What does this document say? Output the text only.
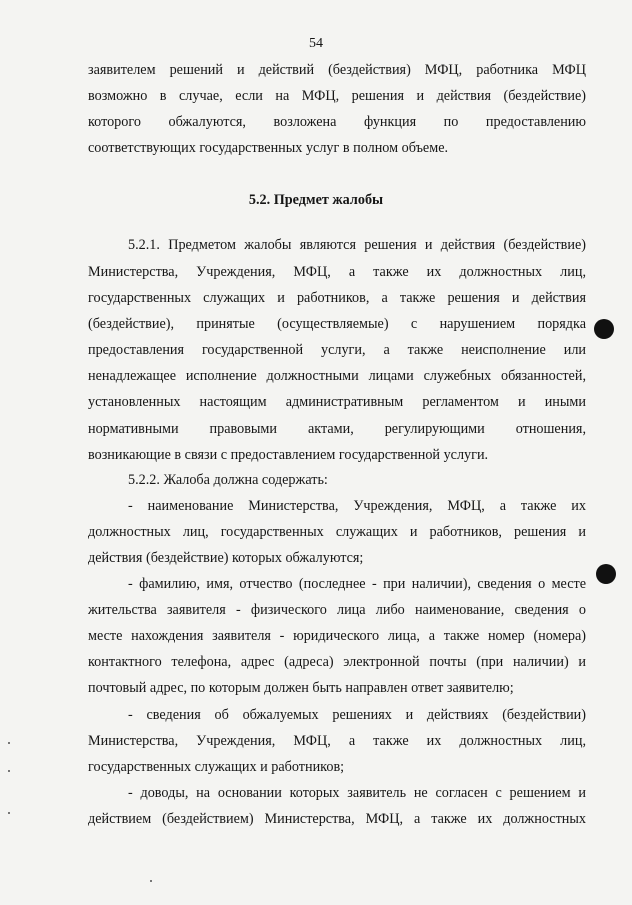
54
заявителем решений и действий (бездействия) МФЦ, работника МФЦ
возможно в случае, если на МФЦ, решения и действия (бездействие)
которого обжалуются, возложена функция по предоставлению
соответствующих государственных услуг в полном объеме.
5.2. Предмет жалобы
5.2.1. Предметом жалобы являются решения и действия (бездействие)
Министерства, Учреждения, МФЦ, а также их должностных лиц,
государственных служащих и работников, а также решения и действия
(бездействие), принятые (осуществляемые) с нарушением порядка
предоставления государственной услуги, а также неисполнение или
ненадлежащее исполнение должностными лицами служебных обязанностей,
установленных настоящим административным регламентом и иными
нормативными правовыми актами, регулирующими отношения,
возникающие в связи с предоставлением государственной услуги.
5.2.2. Жалоба должна содержать:
- наименование Министерства, Учреждения, МФЦ, а также их
должностных лиц, государственных служащих и работников, решения и
действия (бездействие) которых обжалуются;
- фамилию, имя, отчество (последнее - при наличии), сведения о месте
жительства заявителя - физического лица либо наименование, сведения о
месте нахождения заявителя - юридического лица, а также номер (номера)
контактного телефона, адрес (адреса) электронной почты (при наличии) и
почтовый адрес, по которым должен быть направлен ответ заявителю;
- сведения об обжалуемых решениях и действиях (бездействии)
Министерства, Учреждения, МФЦ, а также их должностных лиц,
государственных служащих и работников;
- доводы, на основании которых заявитель не согласен с решением и
действием (бездействием) Министерства, МФЦ, а также их должностных
